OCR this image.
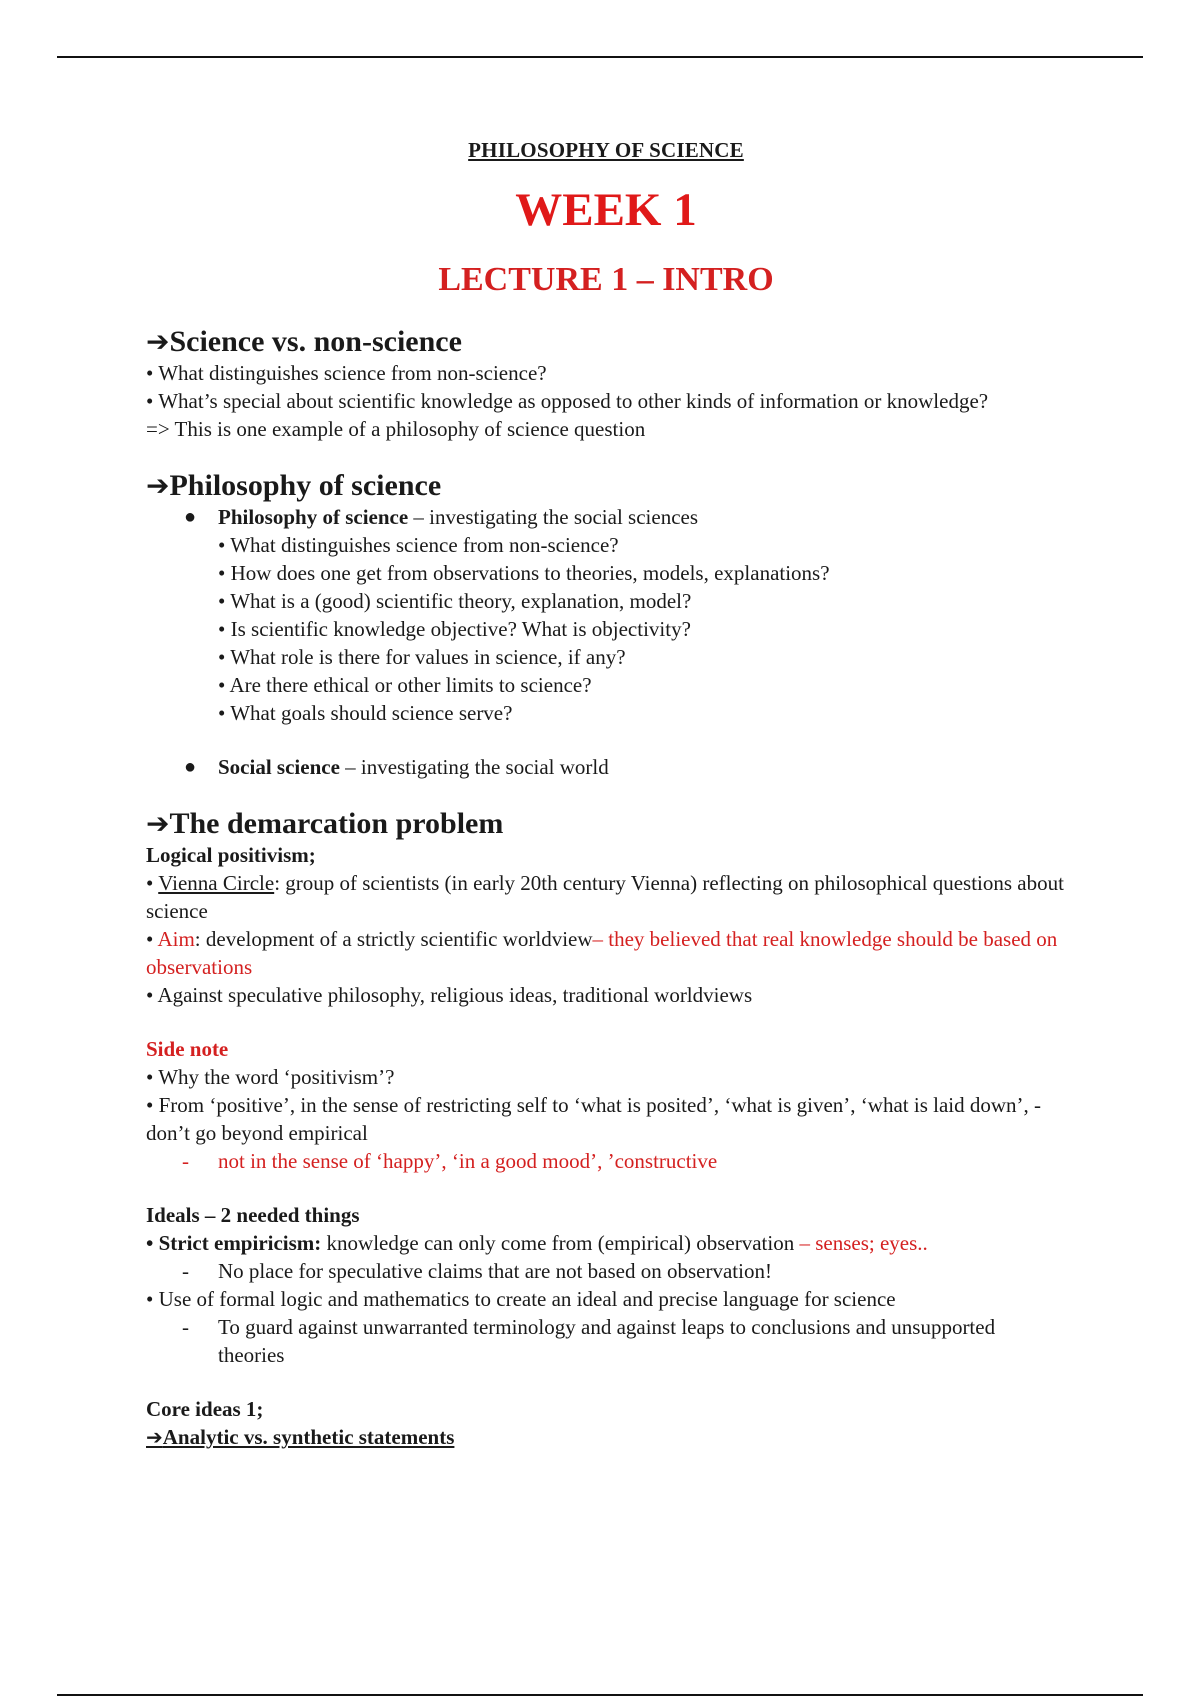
PHILOSOPHY OF SCIENCE
WEEK 1
LECTURE 1 – INTRO
➔Science vs. non-science

• What distinguishes science from non-science?

• What’s special about scientific knowledge as opposed to other kinds of information or knowledge?

=> This is one example of a philosophy of science question

➔Philosophy of science
● Philosophy of science – investigating the social sciences
• What distinguishes science from non-science?
• How does one get from observations to theories, models, explanations?
• What is a (good) scientific theory, explanation, model?
• Is scientific knowledge objective? What is objectivity?
• What role is there for values in science, if any?
• Are there ethical or other limits to science?
• What goals should science serve?
● Social science – investigating the social world
➔The demarcation problem

Logical positivism;

• Vienna Circle: group of scientists (in early 20th century Vienna) reflecting on philosophical questions about science

• Aim: development of a strictly scientific worldview– they believed that real knowledge should be based on observations

• Against speculative philosophy, religious ideas, traditional worldviews

Side note

• Why the word ‘positivism’?

• From ‘positive’, in the sense of restricting self to ‘what is posited’, ‘what is given’, ‘what is laid down’, - don’t go beyond empirical

- not in the sense of ‘happy’, ‘in a good mood’, ’constructive

Ideals – 2 needed things

• Strict empiricism: knowledge can only come from (empirical) observation – senses; eyes..

- No place for speculative claims that are not based on observation!

• Use of formal logic and mathematics to create an ideal and precise language for science

- To guard against unwarranted terminology and against leaps to conclusions and unsupported theories

Core ideas 1;

➔Analytic vs. synthetic statements
